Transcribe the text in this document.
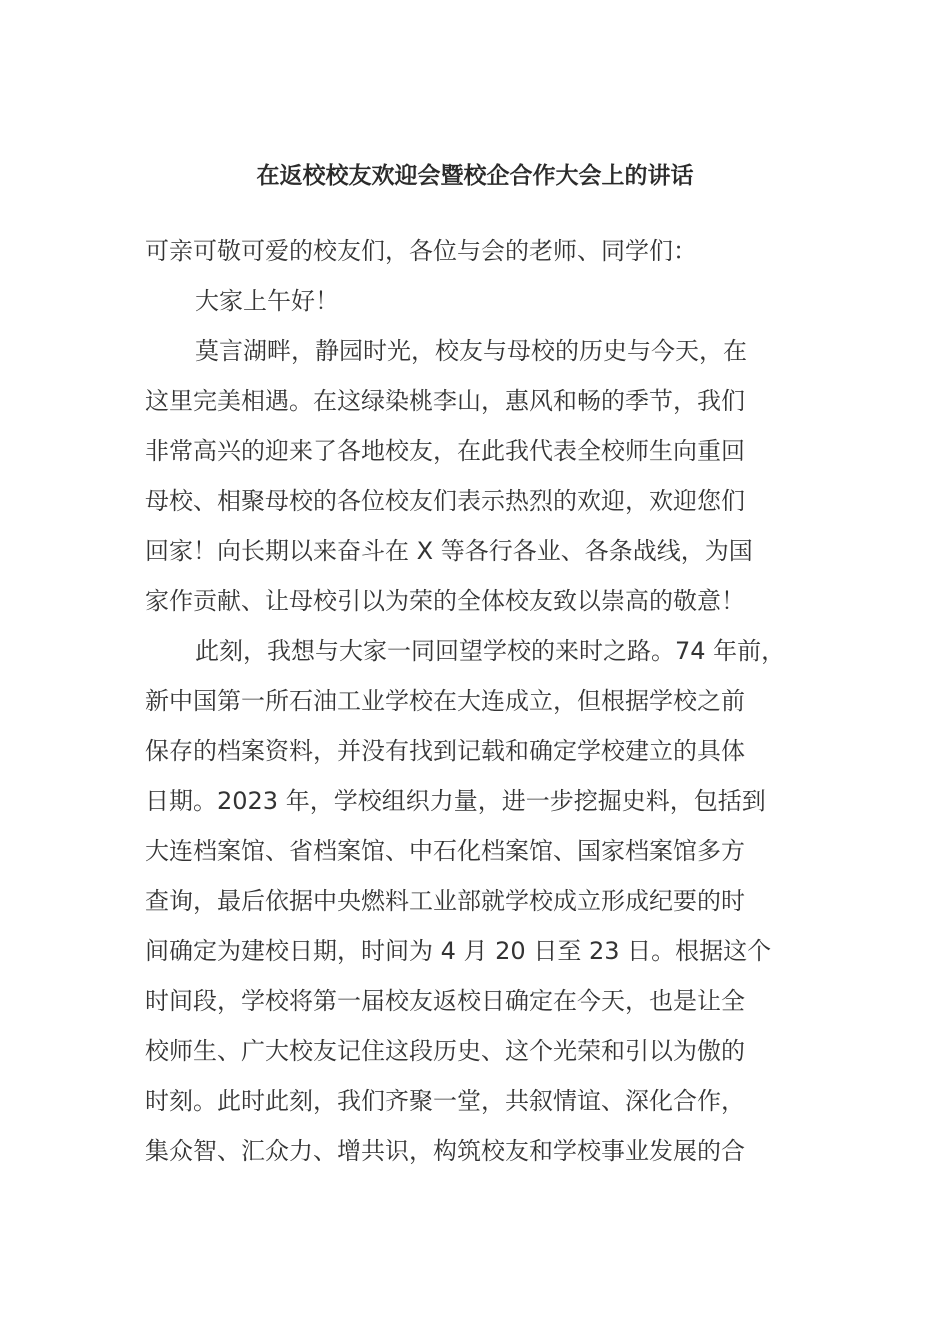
在返校校友欢迎会暨校企合作大会上的讲话
可亲可敬可爱的校友们，各位与会的老师、同学们：
大家上午好！
莫言湖畔，静园时光，校友与母校的历史与今天，在
这里完美相遇。在这绿染桃李山，惠风和畅的季节，我们
非常高兴的迎来了各地校友，在此我代表全校师生向重回
母校、相聚母校的各位校友们表示热烈的欢迎，欢迎您们
回家！向长期以来奋斗在 X 等各行各业、各条战线，为国
家作贡献、让母校引以为荣的全体校友致以崇高的敬意！
此刻，我想与大家一同回望学校的来时之路。74 年前，
新中国第一所石油工业学校在大连成立，但根据学校之前
保存的档案资料，并没有找到记载和确定学校建立的具体
日期。2023 年，学校组织力量，进一步挖掘史料，包括到
大连档案馆、省档案馆、中石化档案馆、国家档案馆多方
查询，最后依据中央燃料工业部就学校成立形成纪要的时
间确定为建校日期，时间为 4 月 20 日至 23 日。根据这个
时间段，学校将第一届校友返校日确定在今天，也是让全
校师生、广大校友记住这段历史、这个光荣和引以为傲的
时刻。此时此刻，我们齐聚一堂，共叙情谊、深化合作，
集众智、汇众力、增共识，构筑校友和学校事业发展的合
